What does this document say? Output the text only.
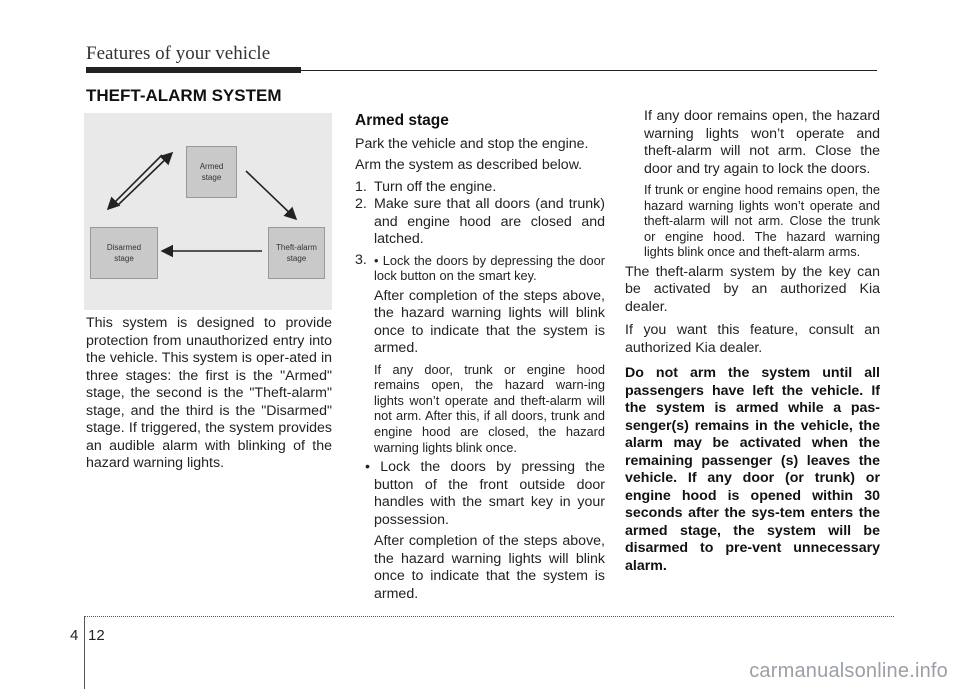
Features of your vehicle
THEFT-ALARM SYSTEM
Armed
stage
Disarmed
stage
Theft-alarm
stage
This system is designed to provide protection from unauthorized entry into the vehicle. This system is oper-ated in three stages: the first is the "Armed" stage, the second is the "Theft-alarm" stage, and the third is the "Disarmed" stage. If triggered, the system provides an audible alarm with blinking of the hazard warning lights.
Armed stage
Park the vehicle and stop the engine.
Arm the system as described below.
1. Turn off the engine.
2. Make sure that all doors (and trunk) and engine hood are closed and latched.
3. • Lock the doors by depressing the door lock button on the smart key.
After completion of the steps above, the hazard warning lights will blink once to indicate that the system is armed.
If any door, trunk or engine hood remains open, the hazard warn-ing lights won’t operate and theft-alarm will not arm. After this, if all doors, trunk and engine hood are closed, the hazard warning lights blink once.
• Lock the doors by pressing the button of the front outside door handles with the smart key in your possession.
After completion of the steps above, the hazard warning lights will blink once to indicate that the system is armed.
If any door remains open, the hazard warning lights won’t operate and theft-alarm will not arm. Close the door and try again to lock the doors.
If trunk or engine hood remains open, the hazard warning lights won’t operate and theft-alarm will not arm. Close the trunk or engine hood. The hazard warning lights blink once and theft-alarm arms.
The theft-alarm system by the key can be activated by an authorized Kia dealer.
If you want this feature, consult an authorized Kia dealer.
Do not arm the system until all passengers have left the vehicle. If the system is armed while a pas-senger(s) remains in the vehicle, the alarm may be activated when the remaining passenger (s) leaves the vehicle. If any door (or trunk) or engine hood is opened within 30 seconds after the sys-tem enters the armed stage, the system will be disarmed to pre-vent unnecessary alarm.
4 12
carmanualsonline.info
